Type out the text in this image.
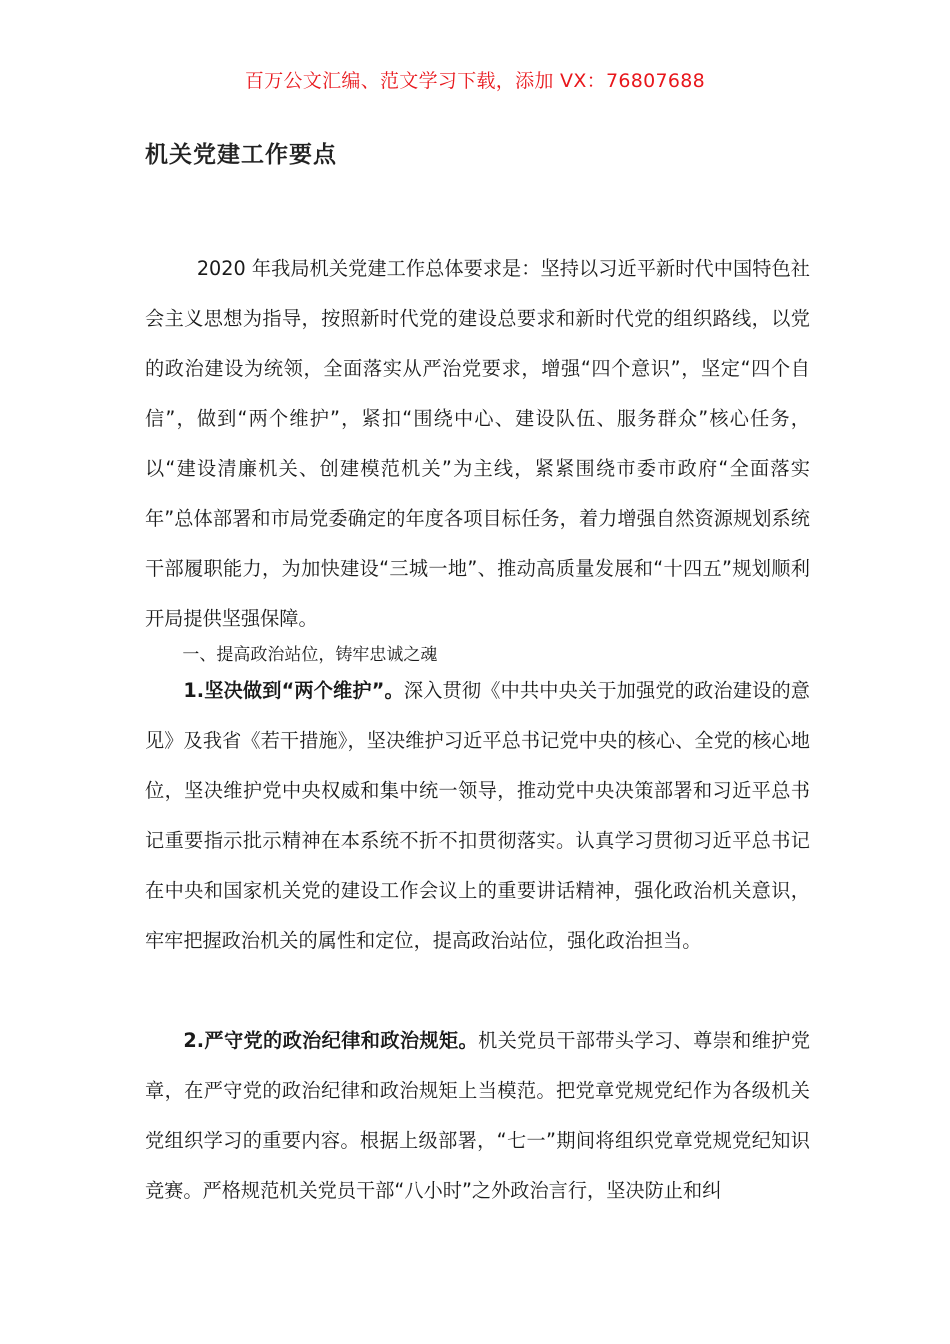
百万公文汇编、范文学习下载，添加 VX：76807688
机关党建工作要点

2020 年我局机关党建工作总体要求是：坚持以习近平新时代中国特色社会主义思想为指导，按照新时代党的建设总要求和新时代党的组织路线，以党的政治建设为统领，全面落实从严治党要求，增强“四个意识”，坚定“四个自信”，做到“两个维护”，紧扣“围绕中心、建设队伍、服务群众”核心任务，以“建设清廉机关、创建模范机关”为主线，紧紧围绕市委市政府“全面落实年”总体部署和市局党委确定的年度各项目标任务，着力增强自然资源规划系统干部履职能力，为加快建设“三城一地”、推动高质量发展和“十四五”规划顺利开局提供坚强保障。

一、提高政治站位，铸牢忠诚之魂

1.坚决做到“两个维护”。深入贯彻《中共中央关于加强党的政治建设的意见》及我省《若干措施》，坚决维护习近平总书记党中央的核心、全党的核心地位，坚决维护党中央权威和集中统一领导，推动党中央决策部署和习近平总书记重要指示批示精神在本系统不折不扣贯彻落实。认真学习贯彻习近平总书记在中央和国家机关党的建设工作会议上的重要讲话精神，强化政治机关意识，牢牢把握政治机关的属性和定位，提高政治站位，强化政治担当。

2.严守党的政治纪律和政治规矩。机关党员干部带头学习、尊崇和维护党章，在严守党的政治纪律和政治规矩上当模范。把党章党规党纪作为各级机关党组织学习的重要内容。根据上级部署，“七一”期间将组织党章党规党纪知识竞赛。严格规范机关党员干部“八小时”之外政治言行，坚决防止和纠
